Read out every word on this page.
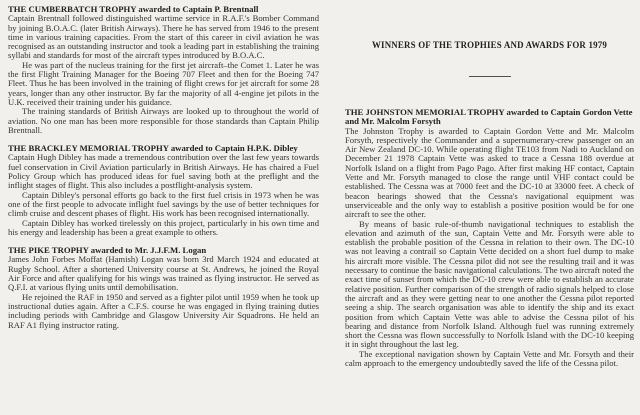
THE CUMBERBATCH TROPHY awarded to Captain P. Brentnall

Captain Brentnall followed distinguished wartime service in R.A.F.'s Bomber Command by joining B.O.A.C. (later British Airways). There he has served from 1946 to the present time in various training capacities. From the start of this career in civil aviation he was recognised as an outstanding instructor and took a leading part in establishing the training syllabi and standards for most of the aircraft types introduced by B.O.A.C.

He was part of the nucleus training for the first jet aircraft–the Comet 1. Later he was the first Flight Training Manager for the Boeing 707 Fleet and then for the Boeing 747 Fleet. Thus he has been involved in the training of flight crews for jet aircraft for some 28 years, longer than any other instructor. By far the majority of all 4-engine jet pilots in the U.K. received their training under his guidance.

The training standards of British Airways are looked up to throughout the world of aviation. No one man has been more responsible for those standards than Captain Philip Brentnall.

THE BRACKLEY MEMORIAL TROPHY awarded to Captain H.P.K. Dibley

Captain Hugh Dibley has made a tremendous contribution over the last few years towards fuel conservation in Civil Aviation particularly in British Airways. He has chaired a Fuel Policy Group which has produced ideas for fuel saving both at the preflight and the inflight stages of flight. This also includes a postflight-analysis system.

Captain Dibley's personal efforts go back to the first fuel crisis in 1973 when he was one of the first people to advocate inflight fuel savings by the use of better techniques for climb cruise and descent phases of flight. His work has been recognised internationally.

Captain Dibley has worked tirelessly on this project, particularly in his own time and his energy and leadership has been a great example to others.

THE PIKE TROPHY awarded to Mr. J.J.F.M. Logan

James John Forbes Moffat (Hamish) Logan was born 3rd March 1924 and educated at Rugby School. After a shortened University course at St. Andrews, he joined the Royal Air Force and after qualifying for his wings was trained as flying instructor. He served as Q.F.I. at various flying units until demobilisation.

He rejoined the RAF in 1950 and served as a fighter pilot until 1959 when he took up instructional duties again. After a C.F.S. course he was engaged in flying training duties including periods with Cambridge and Glasgow University Air Squadrons. He held an RAF A1 flying instructor rating.

WINNERS OF THE TROPHIES AND AWARDS FOR 1979
THE JOHNSTON MEMORIAL TROPHY awarded to Captain Gordon Vette and Mr. Malcolm Forsyth

The Johnston Trophy is awarded to Captain Gordon Vette and Mr. Malcolm Forsyth, respectively the Commander and a supernumerary-crew passenger on an Air New Zealand DC-10. While operating flight TE103 from Nadi to Auckland on December 21 1978 Captain Vette was asked to trace a Cessna 188 overdue at Norfolk Island on a flight from Pago Pago. After first making HF contact, Captain Vette and Mr. Forsyth managed to close the range until VHF contact could be established. The Cessna was at 7000 feet and the DC-10 at 33000 feet. A check of beacon bearings showed that the Cessna's navigational equipment was unserviceable and the only way to establish a positive position would be for one aircraft to see the other.

By means of basic rule-of-thumb navigational techniques to establish the elevation and azimuth of the sun, Captain Vette and Mr. Forsyth were able to establish the probable position of the Cessna in relation to their own. The DC-10 was not leaving a contrail so Captain Vette decided on a short fuel dump to make his aircraft more visible. The Cessna pilot did not see the resulting trail and it was necessary to continue the basic navigational calculations. The two aircraft noted the exact time of sunset from which the DC-10 crew were able to establish an accurate relative position. Further comparison of the strength of radio signals helped to close the aircraft and as they were getting near to one another the Cessna pilot reported seeing a ship. The search organisation was able to identify the ship and its exact position from which Captain Vette was able to advise the Cessna pilot of his bearing and distance from Norfolk Island. Although fuel was running extremely short the Cessna was flown successfully to Norfolk Island with the DC-10 keeping it in sight throughout the last leg.

The exceptional navigation shown by Captain Vette and Mr. Forsyth and their calm approach to the emergency undoubtedly saved the life of the Cessna pilot.
